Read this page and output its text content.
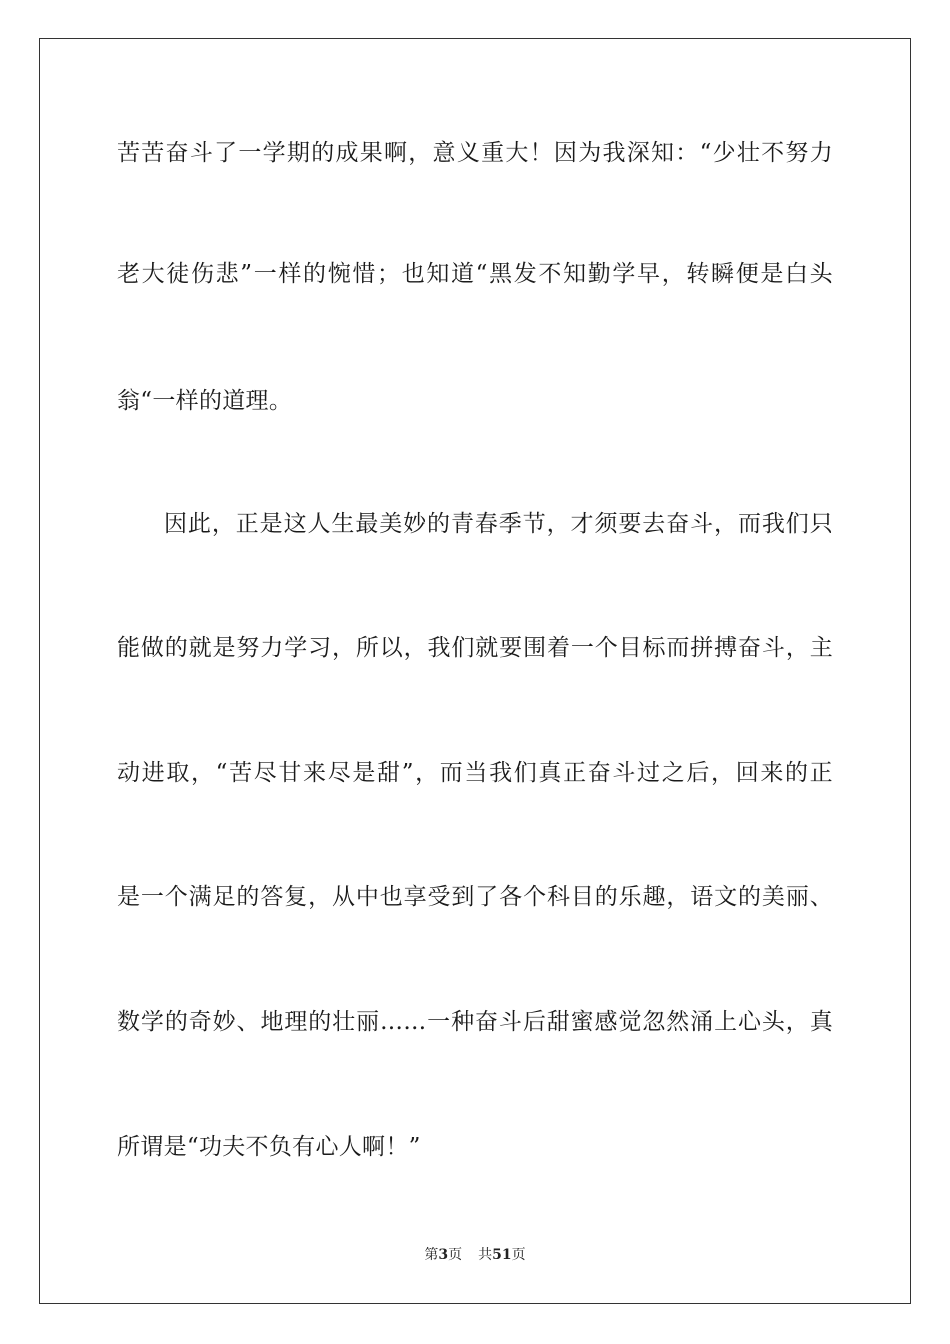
苦苦奋斗了一学期的成果啊，意义重大！因为我深知：“少壮不努力
老大徒伤悲”一样的惋惜；也知道“黑发不知勤学早，转瞬便是白头
翁“一样的道理。
因此，正是这人生最美妙的青春季节，才须要去奋斗，而我们只
能做的就是努力学习，所以，我们就要围着一个目标而拼搏奋斗，主
动进取，“苦尽甘来尽是甜”，而当我们真正奋斗过之后，回来的正
是一个满足的答复，从中也享受到了各个科目的乐趣，语文的美丽、
数学的奇妙、地理的壮丽……一种奋斗后甜蜜感觉忽然涌上心头，真
所谓是“功夫不负有心人啊！”
第3页 共51页
